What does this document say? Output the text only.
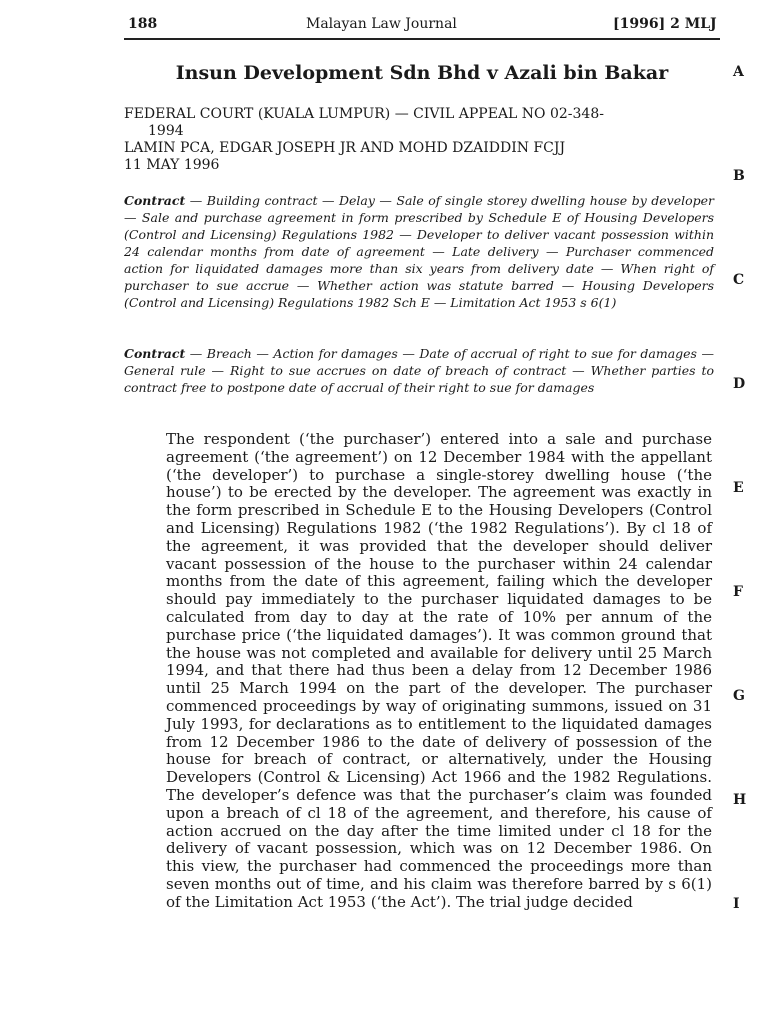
188	Malayan Law Journal	[1996] 2 MLJ
Insun Development Sdn Bhd v Azali bin Bakar
FEDERAL COURT (KUALA LUMPUR) — CIVIL APPEAL NO 02-348-
1994
LAMIN PCA, EDGAR JOSEPH JR AND MOHD DZAIDDIN FCJJ
11 MAY 1996
Contract — Building contract — Delay — Sale of single storey dwelling house by developer — Sale and purchase agreement in form prescribed by Schedule E of Housing Developers (Control and Licensing) Regulations 1982 — Developer to deliver vacant possession within 24 calendar months from date of agreement — Late delivery — Purchaser commenced action for liquidated damages more than six years from delivery date — When right of purchaser to sue accrue — Whether action was statute barred — Housing Developers (Control and Licensing) Regulations 1982 Sch E — Limitation Act 1953 s 6(1)
Contract — Breach — Action for damages — Date of accrual of right to sue for damages — General rule — Right to sue accrues on date of breach of contract — Whether parties to contract free to postpone date of accrual of their right to sue for damages
The respondent (‘the purchaser’) entered into a sale and purchase agreement (‘the agreement’) on 12 December 1984 with the appellant (‘the developer’) to purchase a single-storey dwelling house (‘the house’) to be erected by the developer. The agreement was exactly in the form prescribed in Schedule E to the Housing Developers (Control and Licensing) Regulations 1982 (‘the 1982 Regulations’). By cl 18 of the agreement, it was provided that the developer should deliver vacant possession of the house to the purchaser within 24 calendar months from the date of this agreement, failing which the developer should pay immediately to the purchaser liquidated damages to be calculated from day to day at the rate of 10% per annum of the purchase price (‘the liquidated damages’). It was common ground that the house was not completed and available for delivery until 25 March 1994, and that there had thus been a delay from 12 December 1986 until 25 March 1994 on the part of the developer. The purchaser commenced proceedings by way of originating summons, issued on 31 July 1993, for declarations as to entitlement to the liquidated damages from 12 December 1986 to the date of delivery of possession of the house for breach of contract, or alternatively, under the Housing Developers (Control & Licensing) Act 1966 and the 1982 Regulations. The developer’s defence was that the purchaser’s claim was founded upon a breach of cl 18 of the agreement, and therefore, his cause of action accrued on the day after the time limited under cl 18 for the delivery of vacant possession, which was on 12 December 1986. On this view, the purchaser had commenced the proceedings more than seven months out of time, and his claim was therefore barred by s 6(1) of the Limitation Act 1953 (‘the Act’). The trial judge decided
A
B
C
D
E
F
G
H
I
